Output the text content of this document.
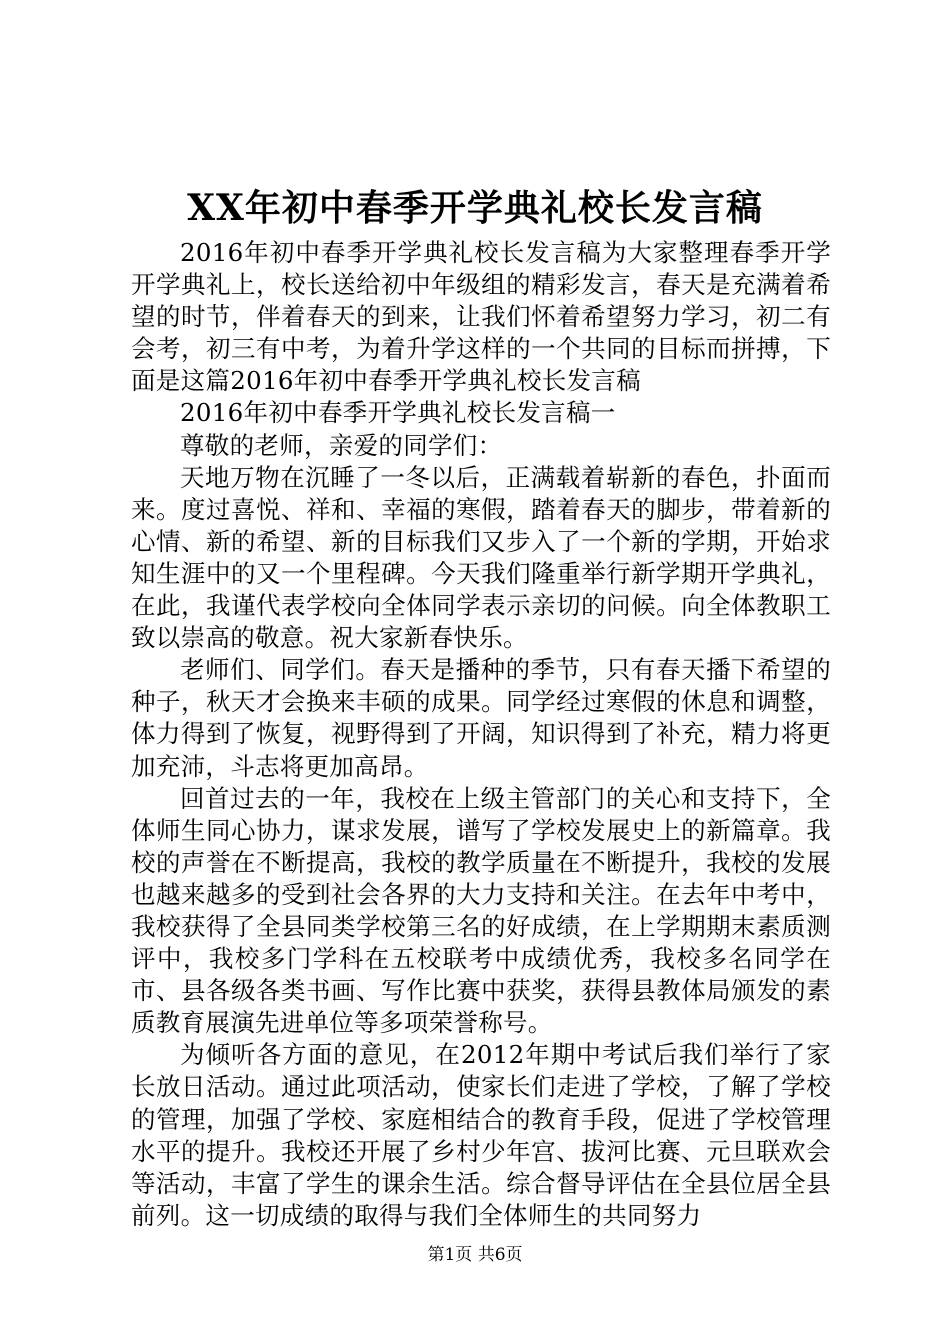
XX年初中春季开学典礼校长发言稿

2016年初中春季开学典礼校长发言稿为大家整理春季开学开学典礼上，校长送给初中年级组的精彩发言，春天是充满着希望的时节，伴着春天的到来，让我们怀着希望努力学习，初二有会考，初三有中考，为着升学这样的一个共同的目标而拼搏，下面是这篇2016年初中春季开学典礼校长发言稿

2016年初中春季开学典礼校长发言稿一

尊敬的老师，亲爱的同学们：

天地万物在沉睡了一冬以后，正满载着崭新的春色，扑面而来。度过喜悦、祥和、幸福的寒假，踏着春天的脚步，带着新的心情、新的希望、新的目标我们又步入了一个新的学期，开始求知生涯中的又一个里程碑。今天我们隆重举行新学期开学典礼，在此，我谨代表学校向全体同学表示亲切的问候。向全体教职工致以崇高的敬意。祝大家新春快乐。

老师们、同学们。春天是播种的季节，只有春天播下希望的种子，秋天才会换来丰硕的成果。同学经过寒假的休息和调整，体力得到了恢复，视野得到了开阔，知识得到了补充，精力将更加充沛，斗志将更加高昂。

回首过去的一年，我校在上级主管部门的关心和支持下，全体师生同心协力，谋求发展，谱写了学校发展史上的新篇章。我校的声誉在不断提高，我校的教学质量在不断提升，我校的发展也越来越多的受到社会各界的大力支持和关注。在去年中考中，我校获得了全县同类学校第三名的好成绩，在上学期期末素质测评中，我校多门学科在五校联考中成绩优秀，我校多名同学在市、县各级各类书画、写作比赛中获奖，获得县教体局颁发的素质教育展演先进单位等多项荣誉称号。

为倾听各方面的意见，在2012年期中考试后我们举行了家长放日活动。通过此项活动，使家长们走进了学校，了解了学校的管理，加强了学校、家庭相结合的教育手段，促进了学校管理水平的提升。我校还开展了乡村少年宫、拔河比赛、元旦联欢会等活动，丰富了学生的课余生活。综合督导评估在全县位居全县前列。这一切成绩的取得与我们全体师生的共同努力

第1页 共6页
